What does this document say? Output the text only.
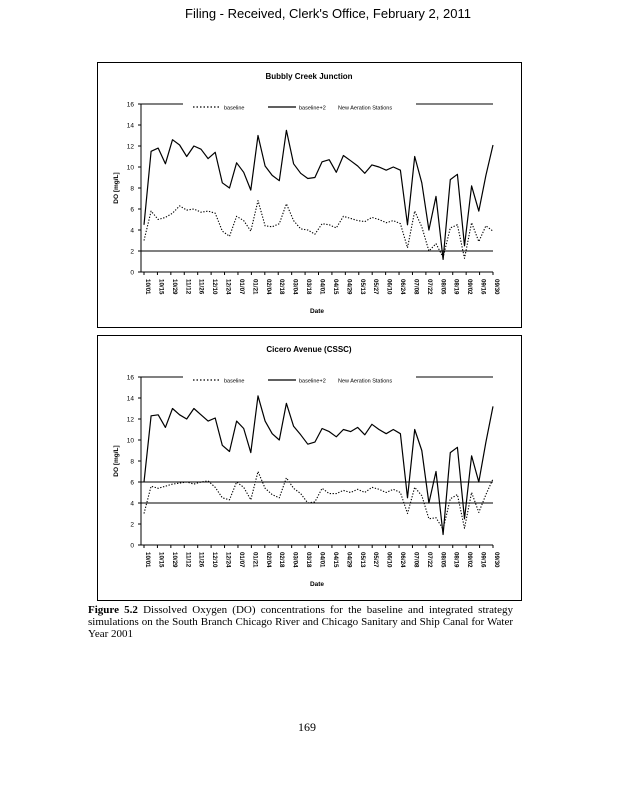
Filing - Received, Clerk's Office, February 2, 2011
Bubbly Creek Junction
0
2
4
6
8
10
12
14
16
DO [mg/L]
10/01 10/15 10/29 11/12 11/26 12/10 12/24 01/07 01/21 02/04 02/18 03/04 03/18 04/01 04/15 04/29 05/13 05/27 06/10 06/24 07/08 07/22 08/05 08/19 09/02 09/16 09/30
Date
baseline	baseline+2 New Aeration Stations
Cicero Avenue (CSSC)
0
2
4
6
8
10
12
14
16
DO [mg/L]
10/01 10/15 10/29 11/12 11/26 12/10 12/24 01/07 01/21 02/04 02/18 03/04 03/18 04/01 04/15 04/29 05/13 05/27 06/10 06/24 07/08 07/22 08/05 08/19 09/02 09/16 09/30
Date
baseline	baseline+2 New Aeration Stations
Figure 5.2 Dissolved Oxygen (DO) concentrations for the baseline and integrated strategy simulations on the South Branch Chicago River and Chicago Sanitary and Ship Canal for Water Year 2001
169
